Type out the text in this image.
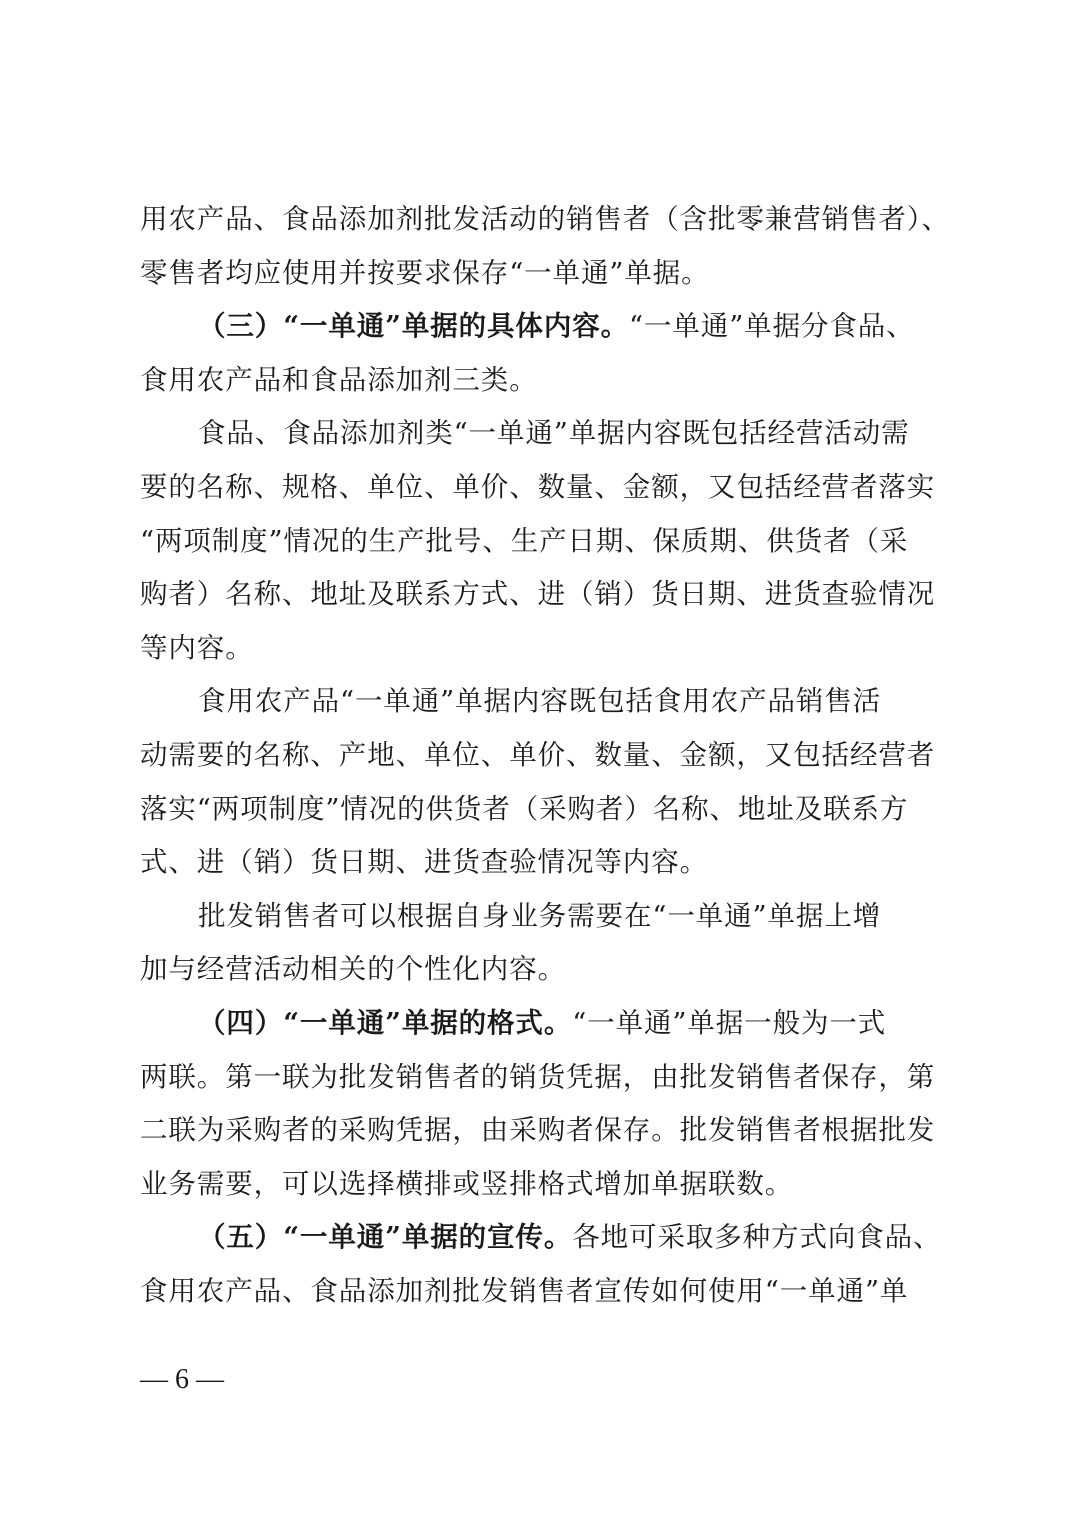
用农产品、食品添加剂批发活动的销售者（含批零兼营销售者）、
零售者均应使用并按要求保存“一单通”单据。
（三）“一单通”单据的具体内容。“一单通”单据分食品、
食用农产品和食品添加剂三类。
食品、食品添加剂类“一单通”单据内容既包括经营活动需
要的名称、规格、单位、单价、数量、金额，又包括经营者落实
“两项制度”情况的生产批号、生产日期、保质期、供货者（采
购者）名称、地址及联系方式、进（销）货日期、进货查验情况
等内容。
食用农产品“一单通”单据内容既包括食用农产品销售活
动需要的名称、产地、单位、单价、数量、金额，又包括经营者
落实“两项制度”情况的供货者（采购者）名称、地址及联系方
式、进（销）货日期、进货查验情况等内容。
批发销售者可以根据自身业务需要在“一单通”单据上增
加与经营活动相关的个性化内容。
（四）“一单通”单据的格式。“一单通”单据一般为一式
两联。第一联为批发销售者的销货凭据，由批发销售者保存，第
二联为采购者的采购凭据，由采购者保存。批发销售者根据批发
业务需要，可以选择横排或竖排格式增加单据联数。
（五）“一单通”单据的宣传。各地可采取多种方式向食品、
食用农产品、食品添加剂批发销售者宣传如何使用“一单通”单
— 6 —
